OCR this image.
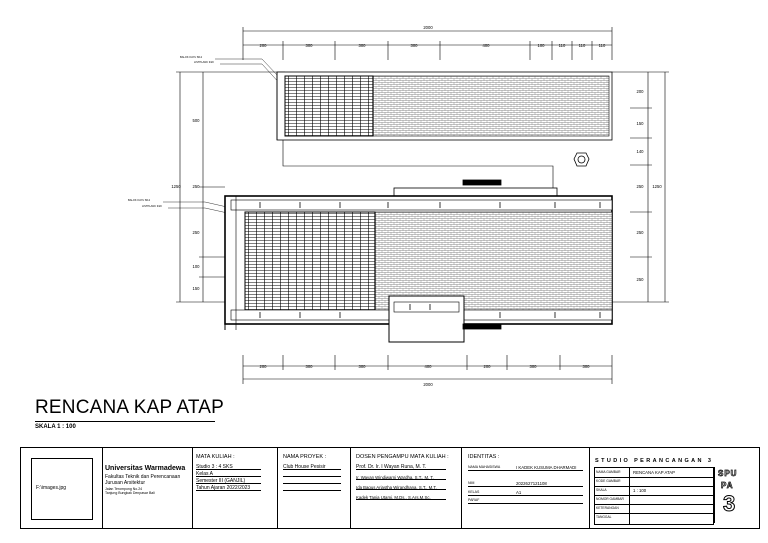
2000
200	300	300	300	400	100	110	110	110
200	300	300	400	200	300	300
2000
500
1250	250
250
100
150
200
150
140
250 1250
250
250
BALOK KAYU 8/12
LISTPLANK 3/20
BALOK KAYU 8/12
LISTPLANK 3/20
RENCANA KAP ATAP
SKALA 1 : 100
F:\images.jpg
Universitas Warmadewa
Fakultas Teknik dan Perencanaan
Jurusan Arsitektur
Jalan Terompong No.24
Tanjung Bungkak Denpasar Bali
MATA KULIAH :
Studio 3 : 4 SKS
Kelas A
Semester III (GANJIL)
Tahun Ajaran 2022/2023
NAMA PROYEK :
Club House Pesisir
DOSEN PENGAMPU MATA KULIAH :
Prof. Dr. Ir. I Wayan Runa, M. T.
Ir. Wayan Windiwarni Wardha, S.T., M. T.
Ida Bagus Ariastha Wirandhana, S.T., M.T.
Kadek Tania Utami, M.Ds., S.Ars.M.Sc.
IDENTITAS :
NAMA MAHASISWA	I KADEK KUSUMA DHARMADI
NIM	2022627121108
KELAS	A1
PARAF
STUDIO PERANCANGAN 3
NAMA GAMBAR	RENCANA KAP ATAP
KODE GAMBAR
SKALA	1 : 100
NOMOR GAMBAR
KETERANGAN
TANGGAL
SPU
PA
3
